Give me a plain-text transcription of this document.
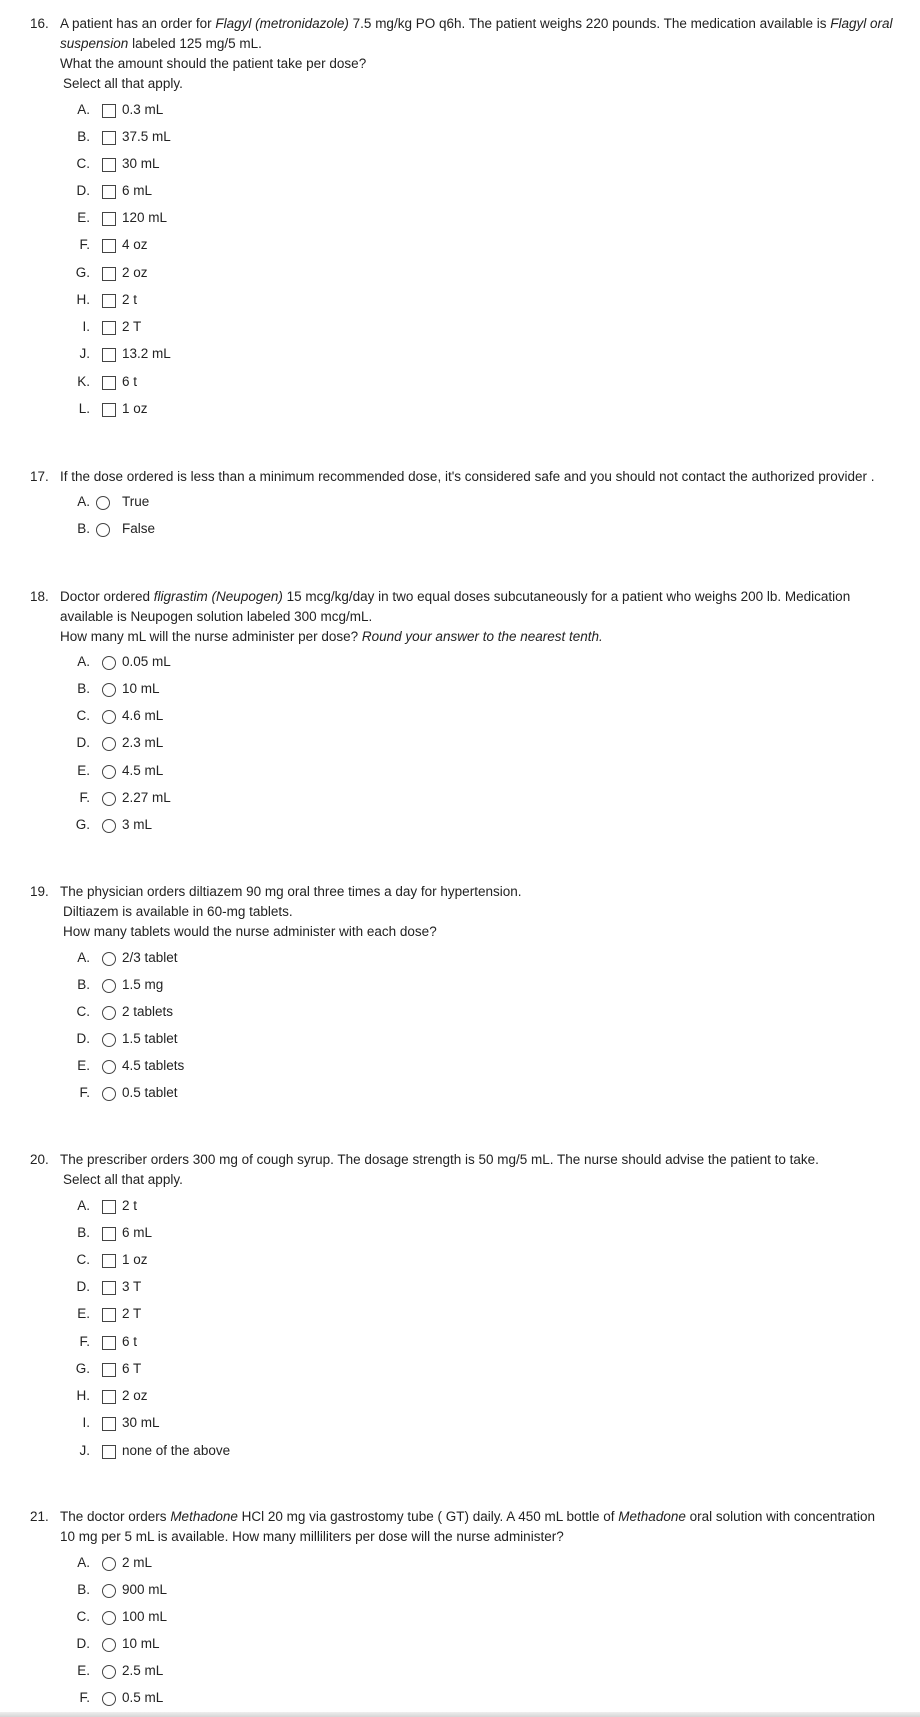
16. A patient has an order for Flagyl (metronidazole) 7.5 mg/kg PO q6h. The patient weighs 220 pounds. The medication available is Flagyl oral
suspension labeled 125 mg/5 mL.
What the amount should the patient take per dose?
Select all that apply.
A. 0.3 mL
B. 37.5 mL
C. 30 mL
D. 6 mL
E. 120 mL
F. 4 oz
G. 2 oz
H. 2 t
I. 2 T
J. 13.2 mL
K. 6 t
L. 1 oz
17. If the dose ordered is less than a minimum recommended dose, it's considered safe and you should not contact the authorized provider .
A. True
B. False
18. Doctor ordered fligrastim (Neupogen) 15 mcg/kg/day in two equal doses subcutaneously for a patient who weighs 200 lb. Medication
available is Neupogen solution labeled 300 mcg/mL.
How many mL will the nurse administer per dose? Round your answer to the nearest tenth.
A. 0.05 mL
B. 10 mL
C. 4.6 mL
D. 2.3 mL
E. 4.5 mL
F. 2.27 mL
G. 3 mL
19. The physician orders diltiazem 90 mg oral three times a day for hypertension.
Diltiazem is available in 60-mg tablets.
How many tablets would the nurse administer with each dose?
A. 2/3 tablet
B. 1.5 mg
C. 2 tablets
D. 1.5 tablet
E. 4.5 tablets
F. 0.5 tablet
20. The prescriber orders 300 mg of cough syrup. The dosage strength is 50 mg/5 mL. The nurse should advise the patient to take.
Select all that apply.
A. 2 t
B. 6 mL
C. 1 oz
D. 3 T
E. 2 T
F. 6 t
G. 6 T
H. 2 oz
I. 30 mL
J. none of the above
21. The doctor orders Methadone HCl 20 mg via gastrostomy tube ( GT) daily. A 450 mL bottle of Methadone oral solution with concentration
10 mg per 5 mL is available. How many milliliters per dose will the nurse administer?
A. 2 mL
B. 900 mL
C. 100 mL
D. 10 mL
E. 2.5 mL
F. 0.5 mL
